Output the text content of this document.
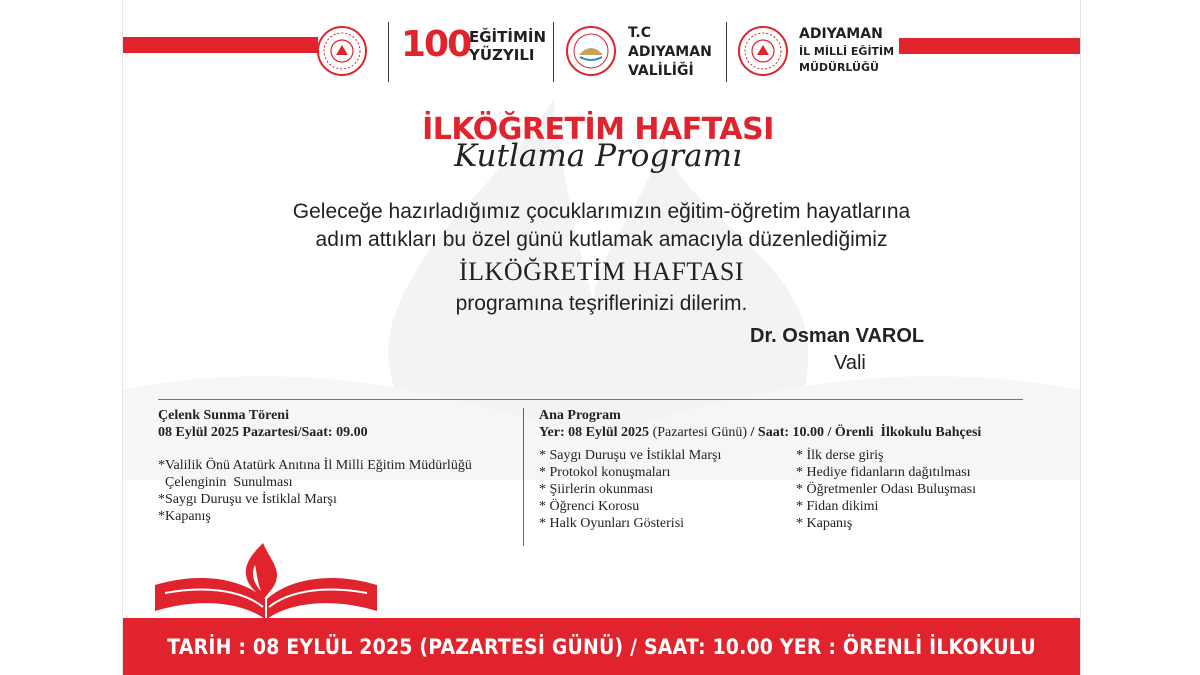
100
EĞİTİMİN
YÜZYILI
T.C
ADIYAMAN
VALİLİĞİ
ADIYAMAN
İL MİLLİ EĞİTİM
MÜDÜRLÜĞÜ
İLKÖĞRETİM HAFTASI
Kutlama Programı
Geleceğe hazırladığımız çocuklarımızın eğitim-öğretim hayatlarına
adım attıkları bu özel günü kutlamak amacıyla düzenlediğimiz
İLKÖĞRETİM HAFTASI
programına teşriflerinizi dilerim.
Dr. Osman VAROL
Vali
Çelenk Sunma Töreni
08 Eylül 2025 Pazartesi/Saat: 09.00
*Valilik Önü Atatürk Anıtına İl Milli Eğitim Müdürlüğü
Çelenginin  Sunulması
*Saygı Duruşu ve İstiklal Marşı
*Kapanış
Ana Program
Yer: 08 Eylül 2025 (Pazartesi Günü) / Saat: 10.00 / Örenli  İlkokulu Bahçesi
* Saygı Duruşu ve İstiklal Marşı
* Protokol konuşmaları
* Şiirlerin okunması
* Öğrenci Korosu
* Halk Oyunları Gösterisi
* İlk derse giriş
* Hediye fidanların dağıtılması
* Öğretmenler Odası Buluşması
* Fidan dikimi
* Kapanış
TARİH : 08 EYLÜL 2025 (PAZARTESİ GÜNÜ) / SAAT: 10.00 YER : ÖRENLİ İLKOKULU
